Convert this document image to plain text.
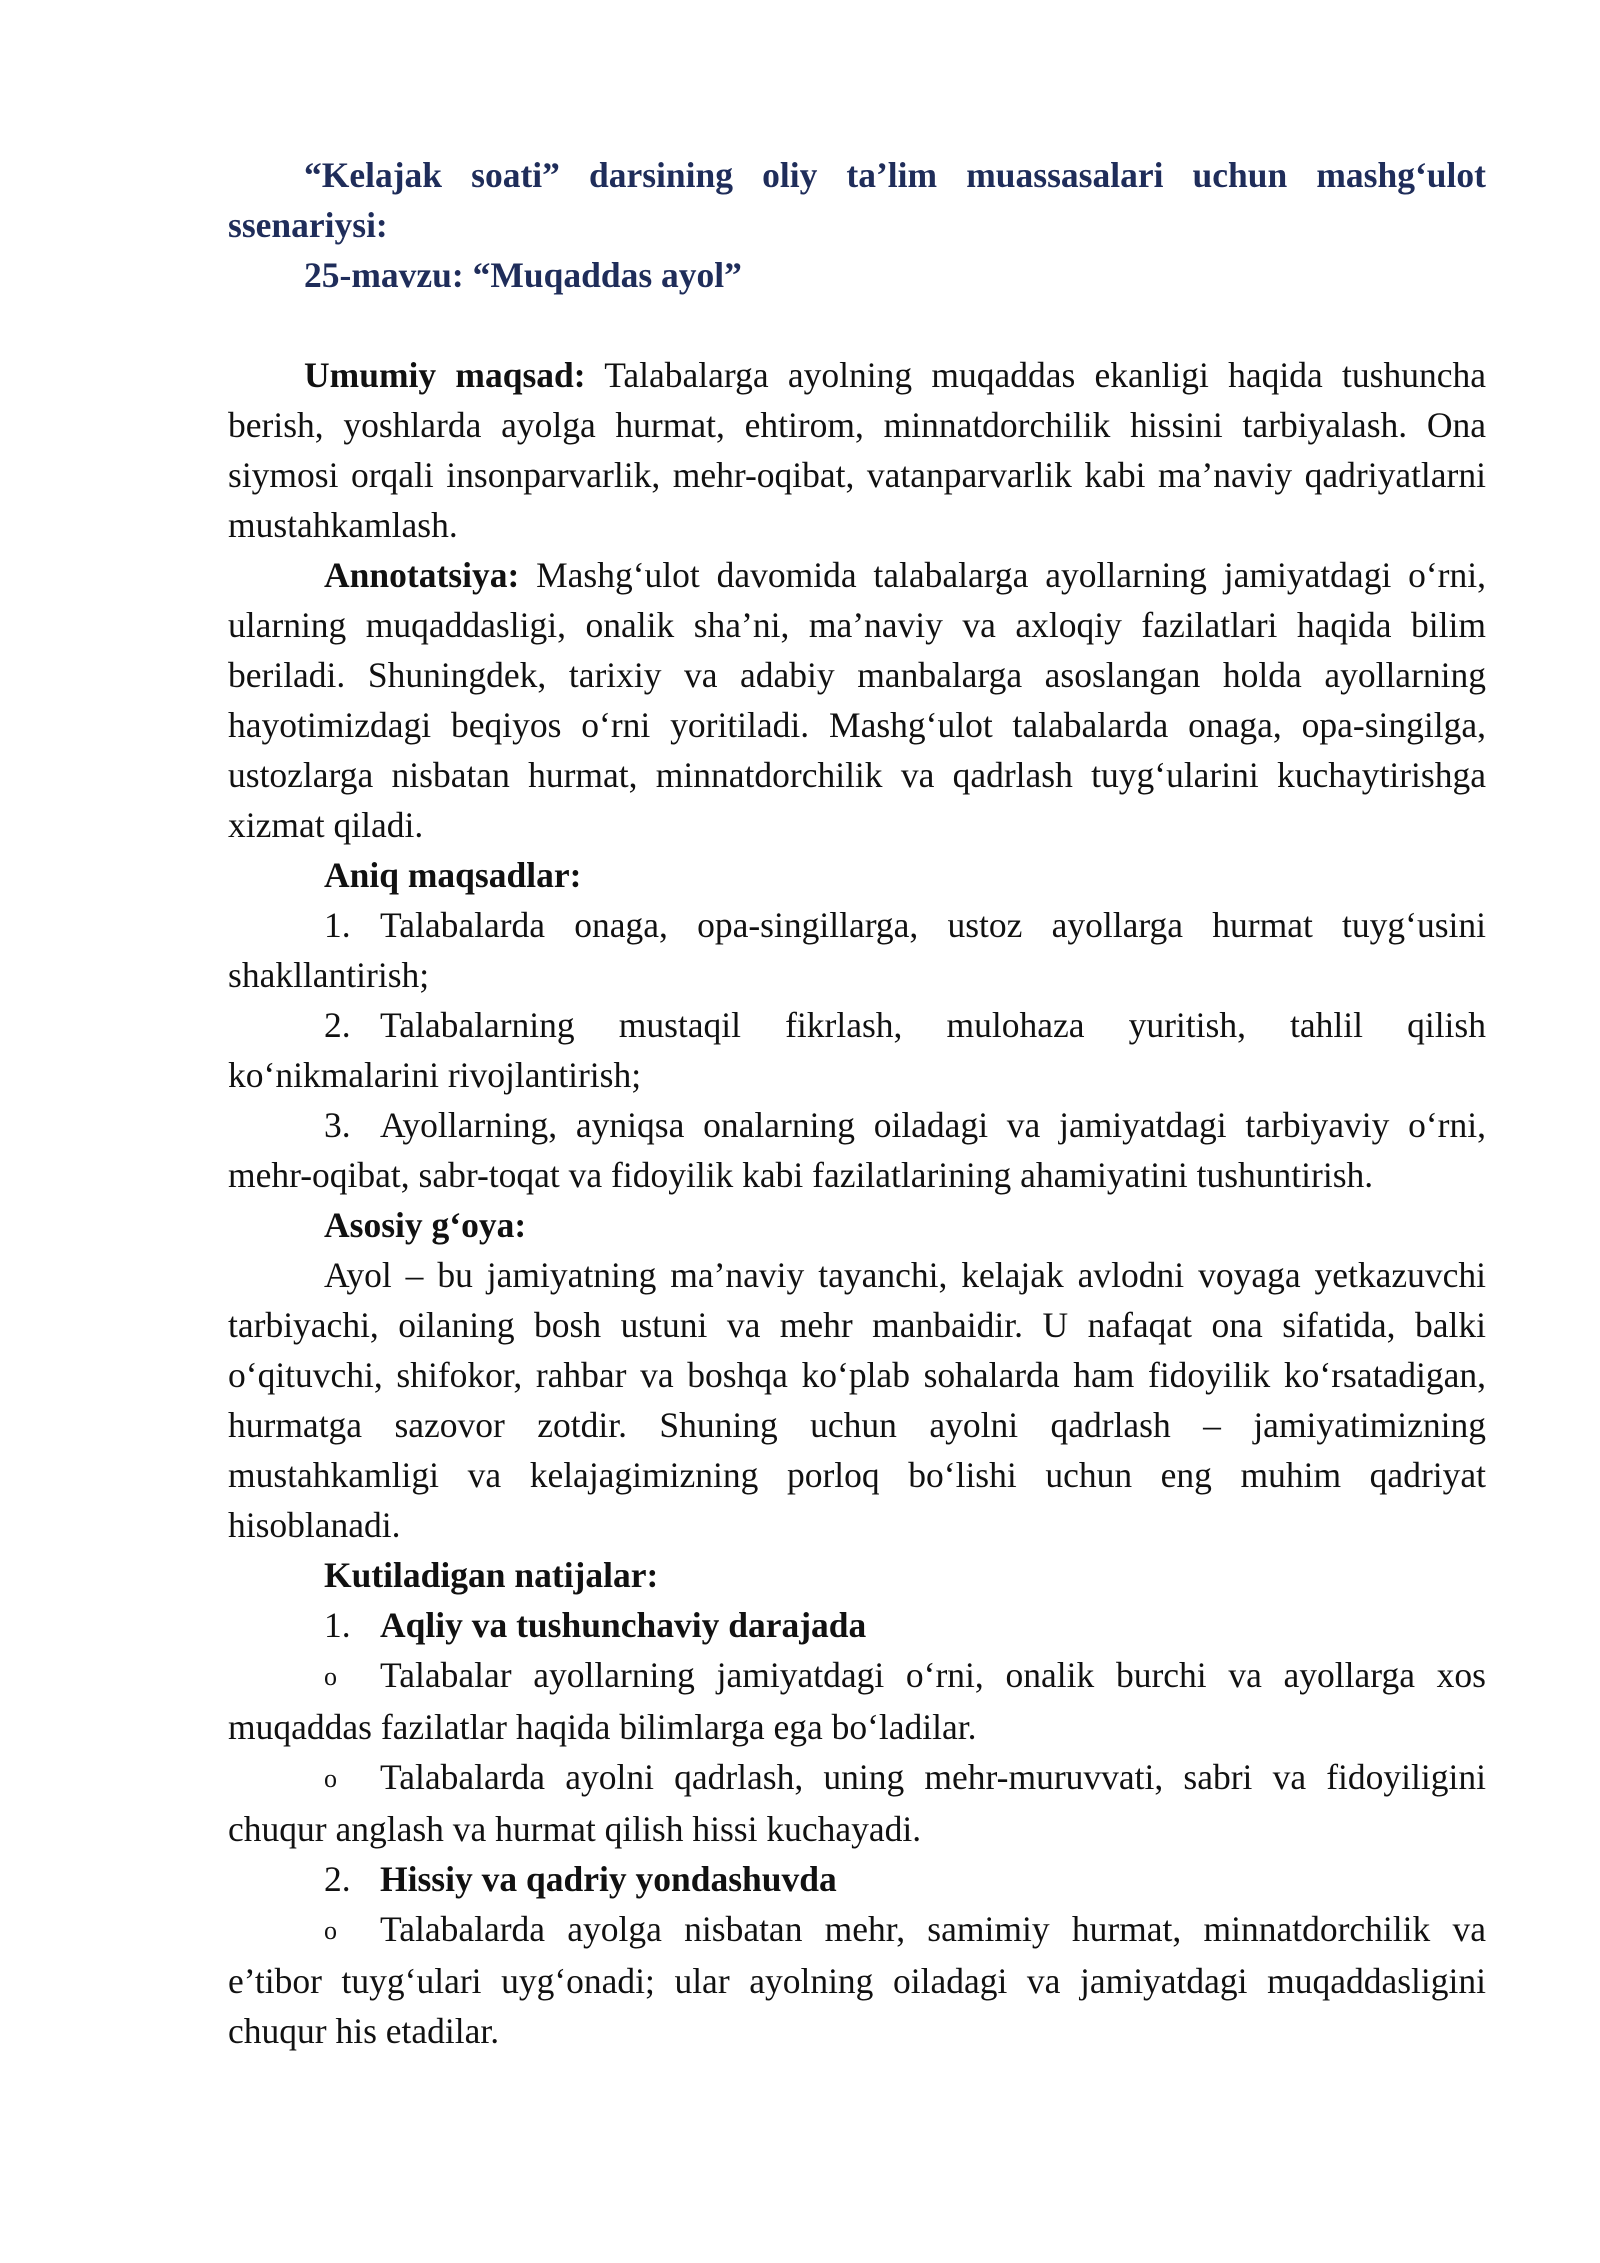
“Kelajak soati” darsining oliy ta’lim muassasalari uchun mashg‘ulot ssenariysi:

25-mavzu: “Muqaddas ayol”

Umumiy maqsad: Talabalarga ayolning muqaddas ekanligi haqida tushuncha berish, yoshlarda ayolga hurmat, ehtirom, minnatdorchilik hissini tarbiyalash. Ona siymosi orqali insonparvarlik, mehr-oqibat, vatanparvarlik kabi ma’naviy qadriyatlarni mustahkamlash.

Annotatsiya: Mashg‘ulot davomida talabalarga ayollarning jamiyatdagi o‘rni, ularning muqaddasligi, onalik sha’ni, ma’naviy va axloqiy fazilatlari haqida bilim beriladi. Shuningdek, tarixiy va adabiy manbalarga asoslangan holda ayollarning hayotimizdagi beqiyos o‘rni yoritiladi. Mashg‘ulot talabalarda onaga, opa-singilga, ustozlarga nisbatan hurmat, minnatdorchilik va qadrlash tuyg‘ularini kuchaytirishga xizmat qiladi.

Aniq maqsadlar:

1. Talabalarda onaga, opa-singillarga, ustoz ayollarga hurmat tuyg‘usini shakllantirish;

2. Talabalarning mustaqil fikrlash, mulohaza yuritish, tahlil qilish ko‘nikmalarini rivojlantirish;

3. Ayollarning, ayniqsa onalarning oiladagi va jamiyatdagi tarbiyaviy o‘rni, mehr-oqibat, sabr-toqat va fidoyilik kabi fazilatlarining ahamiyatini tushuntirish.

Asosiy g‘oya:

Ayol – bu jamiyatning ma’naviy tayanchi, kelajak avlodni voyaga yetkazuvchi tarbiyachi, oilaning bosh ustuni va mehr manbaidir. U nafaqat ona sifatida, balki o‘qituvchi, shifokor, rahbar va boshqa ko‘plab sohalarda ham fidoyilik ko‘rsatadigan, hurmatga sazovor zotdir. Shuning uchun ayolni qadrlash – jamiyatimizning mustahkamligi va kelajagimizning porloq bo‘lishi uchun eng muhim qadriyat hisoblanadi.

Kutiladigan natijalar:

1. Aqliy va tushunchaviy darajada

o Talabalar ayollarning jamiyatdagi o‘rni, onalik burchi va ayollarga xos muqaddas fazilatlar haqida bilimlarga ega bo‘ladilar.

o Talabalarda ayolni qadrlash, uning mehr-muruvvati, sabri va fidoyiligini chuqur anglash va hurmat qilish hissi kuchayadi.

2. Hissiy va qadriy yondashuvda

o Talabalarda ayolga nisbatan mehr, samimiy hurmat, minnatdorchilik va e’tibor tuyg‘ulari uyg‘onadi; ular ayolning oiladagi va jamiyatdagi muqaddasligini chuqur his etadilar.
